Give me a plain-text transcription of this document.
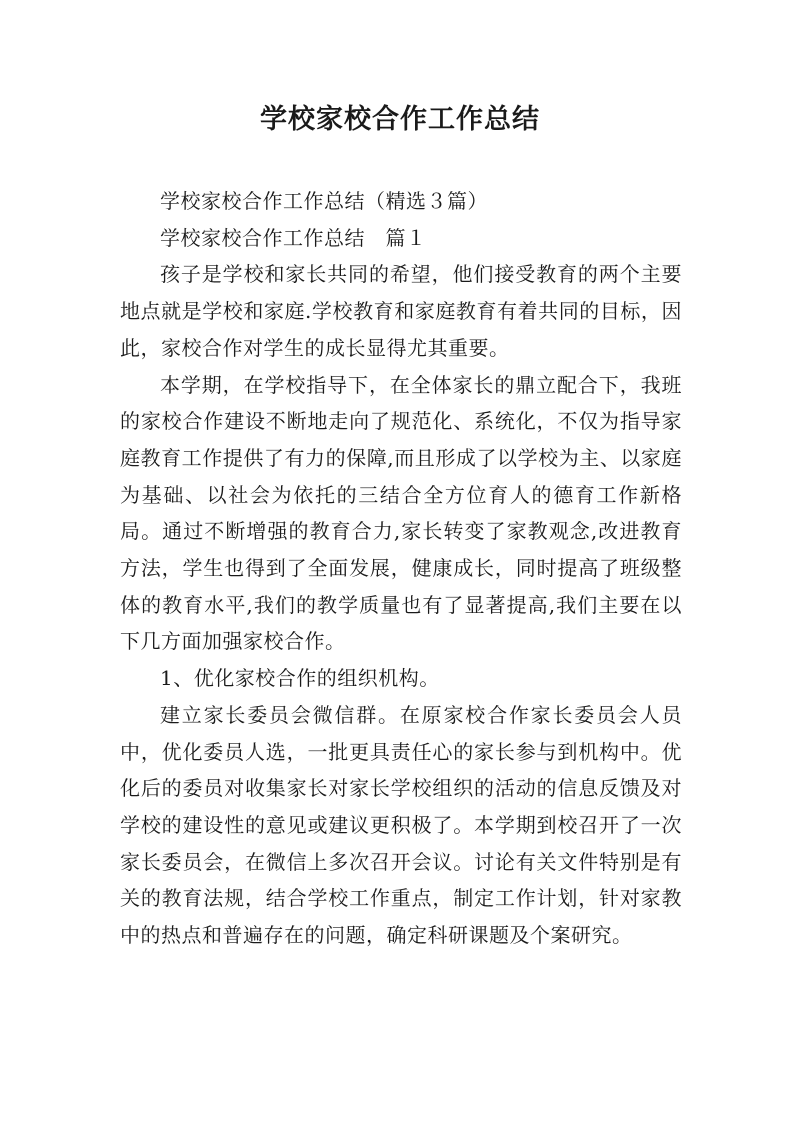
学校家校合作工作总结

学校家校合作工作总结（精选３篇）

学校家校合作工作总结　篇１

孩子是学校和家长共同的希望，他们接受教育的两个主要地点就是学校和家庭.学校教育和家庭教育有着共同的目标，因此，家校合作对学生的成长显得尤其重要。

本学期，在学校指导下，在全体家长的鼎立配合下，我班的家校合作建设不断地走向了规范化、系统化，不仅为指导家庭教育工作提供了有力的保障,而且形成了以学校为主、以家庭为基础、以社会为依托的三结合全方位育人的德育工作新格局。通过不断增强的教育合力,家长转变了家教观念,改进教育方法，学生也得到了全面发展，健康成长，同时提高了班级整体的教育水平,我们的教学质量也有了显著提高,我们主要在以下几方面加强家校合作。

1、优化家校合作的组织机构。

建立家长委员会微信群。在原家校合作家长委员会人员中，优化委员人选，一批更具责任心的家长参与到机构中。优化后的委员对收集家长对家长学校组织的活动的信息反馈及对学校的建设性的意见或建议更积极了。本学期到校召开了一次家长委员会，在微信上多次召开会议。讨论有关文件特别是有关的教育法规，结合学校工作重点，制定工作计划，针对家教中的热点和普遍存在的问题，确定科研课题及个案研究。
